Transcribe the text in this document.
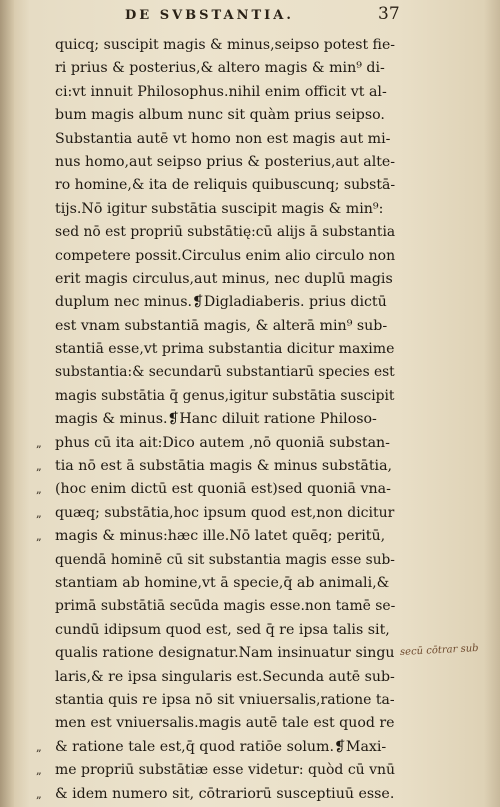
DE SVBSTANTIA.	37
quicq; suscipit magis & minus,seipso potest fie-
ri prius & posterius,& altero magis & min⁹ di-
ci:vt innuit Philosophus.nihil enim officit vt al-
bum magis album nunc sit quàm prius seipso.
Substantia autē vt homo non est magis aut mi-
nus homo,aut seipso prius & posterius,aut alte-
ro homine,& ita de reliquis quibuscunq; substā-
tijs.Nō igitur substātia suscipit magis & min⁹:
sed nō est propriū substātię:cū alijs ā substantia
competere possit.Circulus enim alio circulo non
erit magis circulus,aut minus, nec duplū magis
duplum nec minus.❡Digladiaberis. prius dictū
est vnam substantiā magis, & alterā min⁹ sub-
stantiā esse,vt prima substantia dicitur maxime
substantia:& secundarū substantiarū species est
magis substātia q̄ genus,igitur substātia suscipit
magis & minus.❡Hanc diluit ratione Philoso-
„ phus cū ita ait:Dico autem ,nō quoniā substan-
„ tia nō est ā substātia magis & minus substātia,
„ (hoc enim dictū est quoniā est)sed quoniā vna-
„ quæq; substātia,hoc ipsum quod est,non dicitur
„ magis & minus:hæc ille.Nō latet quēq; peritū,
quendā hominē cū sit substantia magis esse sub-
stantiam ab homine,vt ā specie,q̄ ab animali,&
primā substātiā secūda magis esse.non tamē se-
cundū idipsum quod est, sed q̄ re ipsa talis sit,
qualis ratione designatur.Nam insinuatur singu
laris,& re ipsa singularis est.Secunda autē sub-
stantia quis re ipsa nō sit vniuersalis,ratione ta-
men est vniuersalis.magis autē tale est quod re
„ & ratione tale est,q̄ quod ratiōe solum.❡Maxi-
„ me propriū substātiæ esse videtur: quòd cū vnū
„ & idem numero sit, cōtrariorū susceptiuū esse.
secū cōtrar sub
